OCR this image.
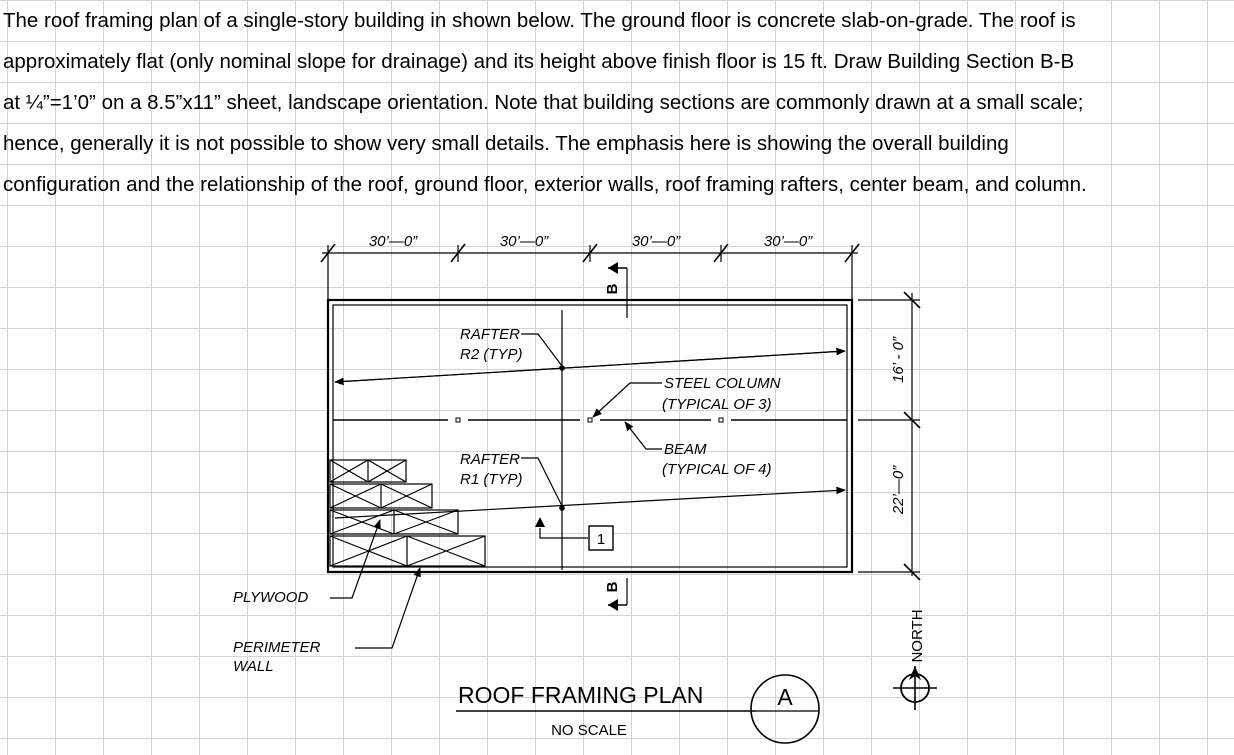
The roof framing plan of a single-story building in shown below. The ground floor is concrete slab-on-grade. The roof is
approximately flat (only nominal slope for drainage) and its height above finish floor is 15 ft. Draw Building Section B-B
at ¼”=1’0” on a 8.5”x11” sheet, landscape orientation. Note that building sections are commonly drawn at a small scale;
hence, generally it is not possible to show very small details. The emphasis here is showing the overall building
configuration and the relationship of the roof, ground floor, exterior walls, roof framing rafters, center beam, and column.
30’—0”	30’—0”	30’—0”	30’—0”
16’ - 0”
22’—0”
B
B
RAFTER
R2 (TYP)
RAFTER
R1 (TYP)
STEEL COLUMN
(TYPICAL OF 3)
BEAM
(TYPICAL OF 4)
1
PLYWOOD
PERIMETER
WALL
NORTH
ROOF FRAMING PLAN
NO SCALE
A
